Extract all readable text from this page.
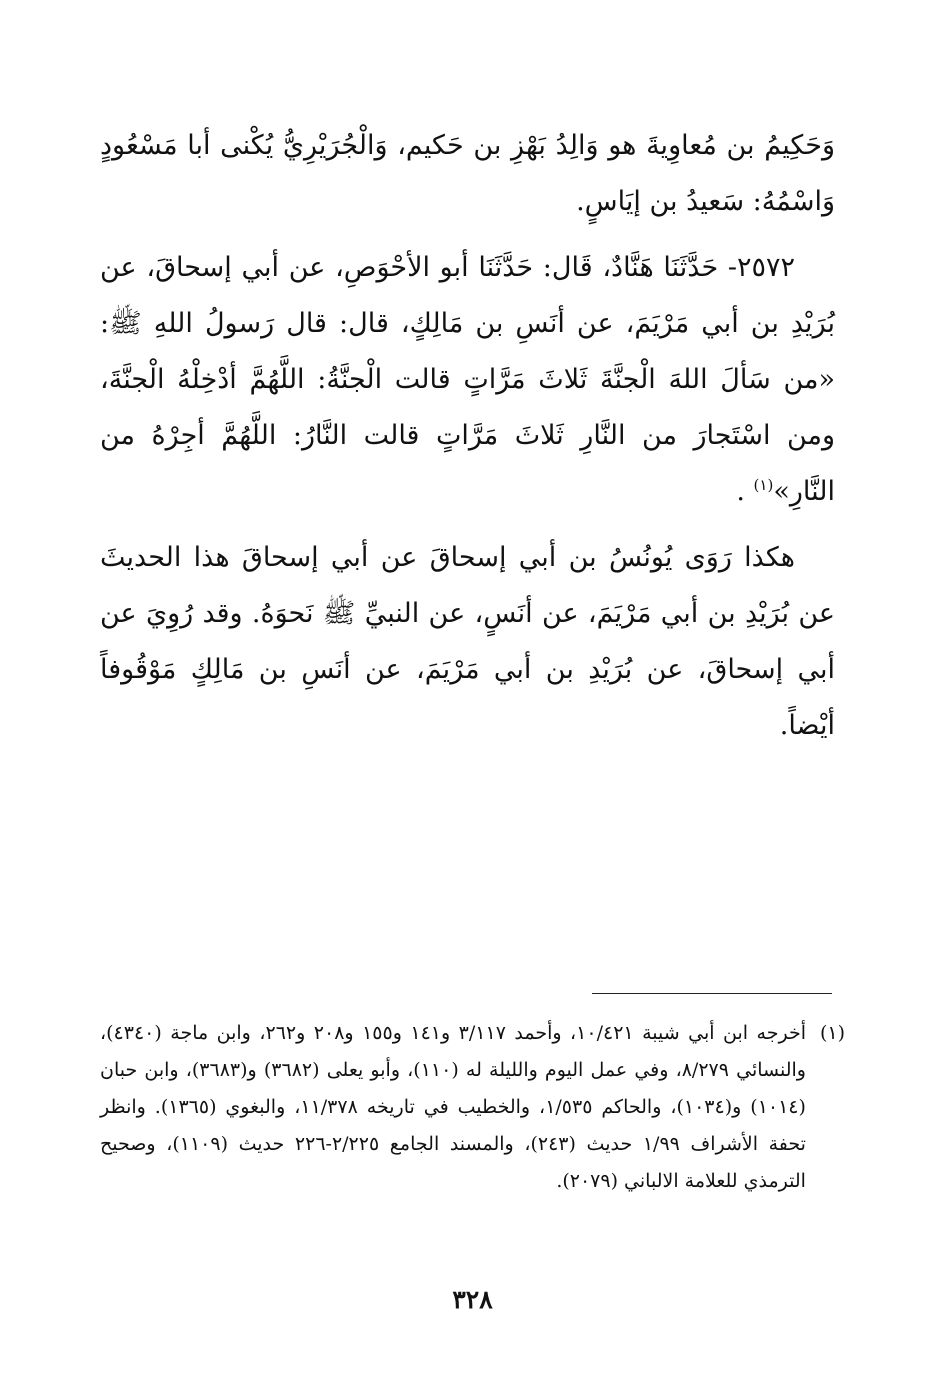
وَحَكِيمُ بن مُعاوِيةَ هو وَالِدُ بَهْزِ بن حَكيم، وَالْجُرَيْرِيُّ يُكْنى أبا مَسْعُودٍ وَاسْمُهُ: سَعيدُ بن إيَاسٍ.

٢٥٧٢- حَدَّثَنَا هَنَّادٌ، قَال: حَدَّثَنَا أبو الأحْوَصِ، عن أبي إسحاقَ، عن بُرَيْدِ بن أبي مَرْيَمَ، عن أنَسِ بن مَالِكٍ، قال: قال رَسولُ اللهِ ﷺ: «من سَألَ اللهَ الْجنَّةَ ثَلاثَ مَرَّاتٍ قالت الْجنَّةُ: اللَّهُمَّ أدْخِلْهُ الْجنَّةَ، ومن اسْتَجارَ من النَّارِ ثَلاثَ مَرَّاتٍ قالت النَّارُ: اللَّهُمَّ أجِرْهُ من النَّارِ»$^{(١)}$ .

هكذا رَوَى يُونُسُ بن أبي إسحاقَ عن أبي إسحاقَ هذا الحديثَ عن بُرَيْدِ بن أبي مَرْيَمَ، عن أنَسٍ، عن النبيِّ ﷺ نَحوَهُ. وقد رُوِيَ عن أبي إسحاقَ، عن بُرَيْدِ بن أبي مَرْيَمَ، عن أنَسِ بن مَالِكٍ مَوْقُوفاً أيْضاً.

(١)
أخرجه ابن أبي شيبة ١٠/٤٢١، وأحمد ٣/١١٧ و١٤١ و١٥٥ و٢٠٨ و٢٦٢، وابن ماجة (٤٣٤٠)، والنسائي ٨/٢٧٩، وفي عمل اليوم والليلة له (١١٠)، وأبو يعلى (٣٦٨٢) و(٣٦٨٣)، وابن حبان (١٠١٤) و(١٠٣٤)، والحاكم ١/٥٣٥، والخطيب في تاريخه ١١/٣٧٨، والبغوي (١٣٦٥). وانظر تحفة الأشراف ١/٩٩ حديث (٢٤٣)، والمسند الجامع ٢/٢٢٥-٢٢٦ حديث (١١٠٩)، وصحيح الترمذي للعلامة الالباني (٢٠٧٩).
٣٢٨
